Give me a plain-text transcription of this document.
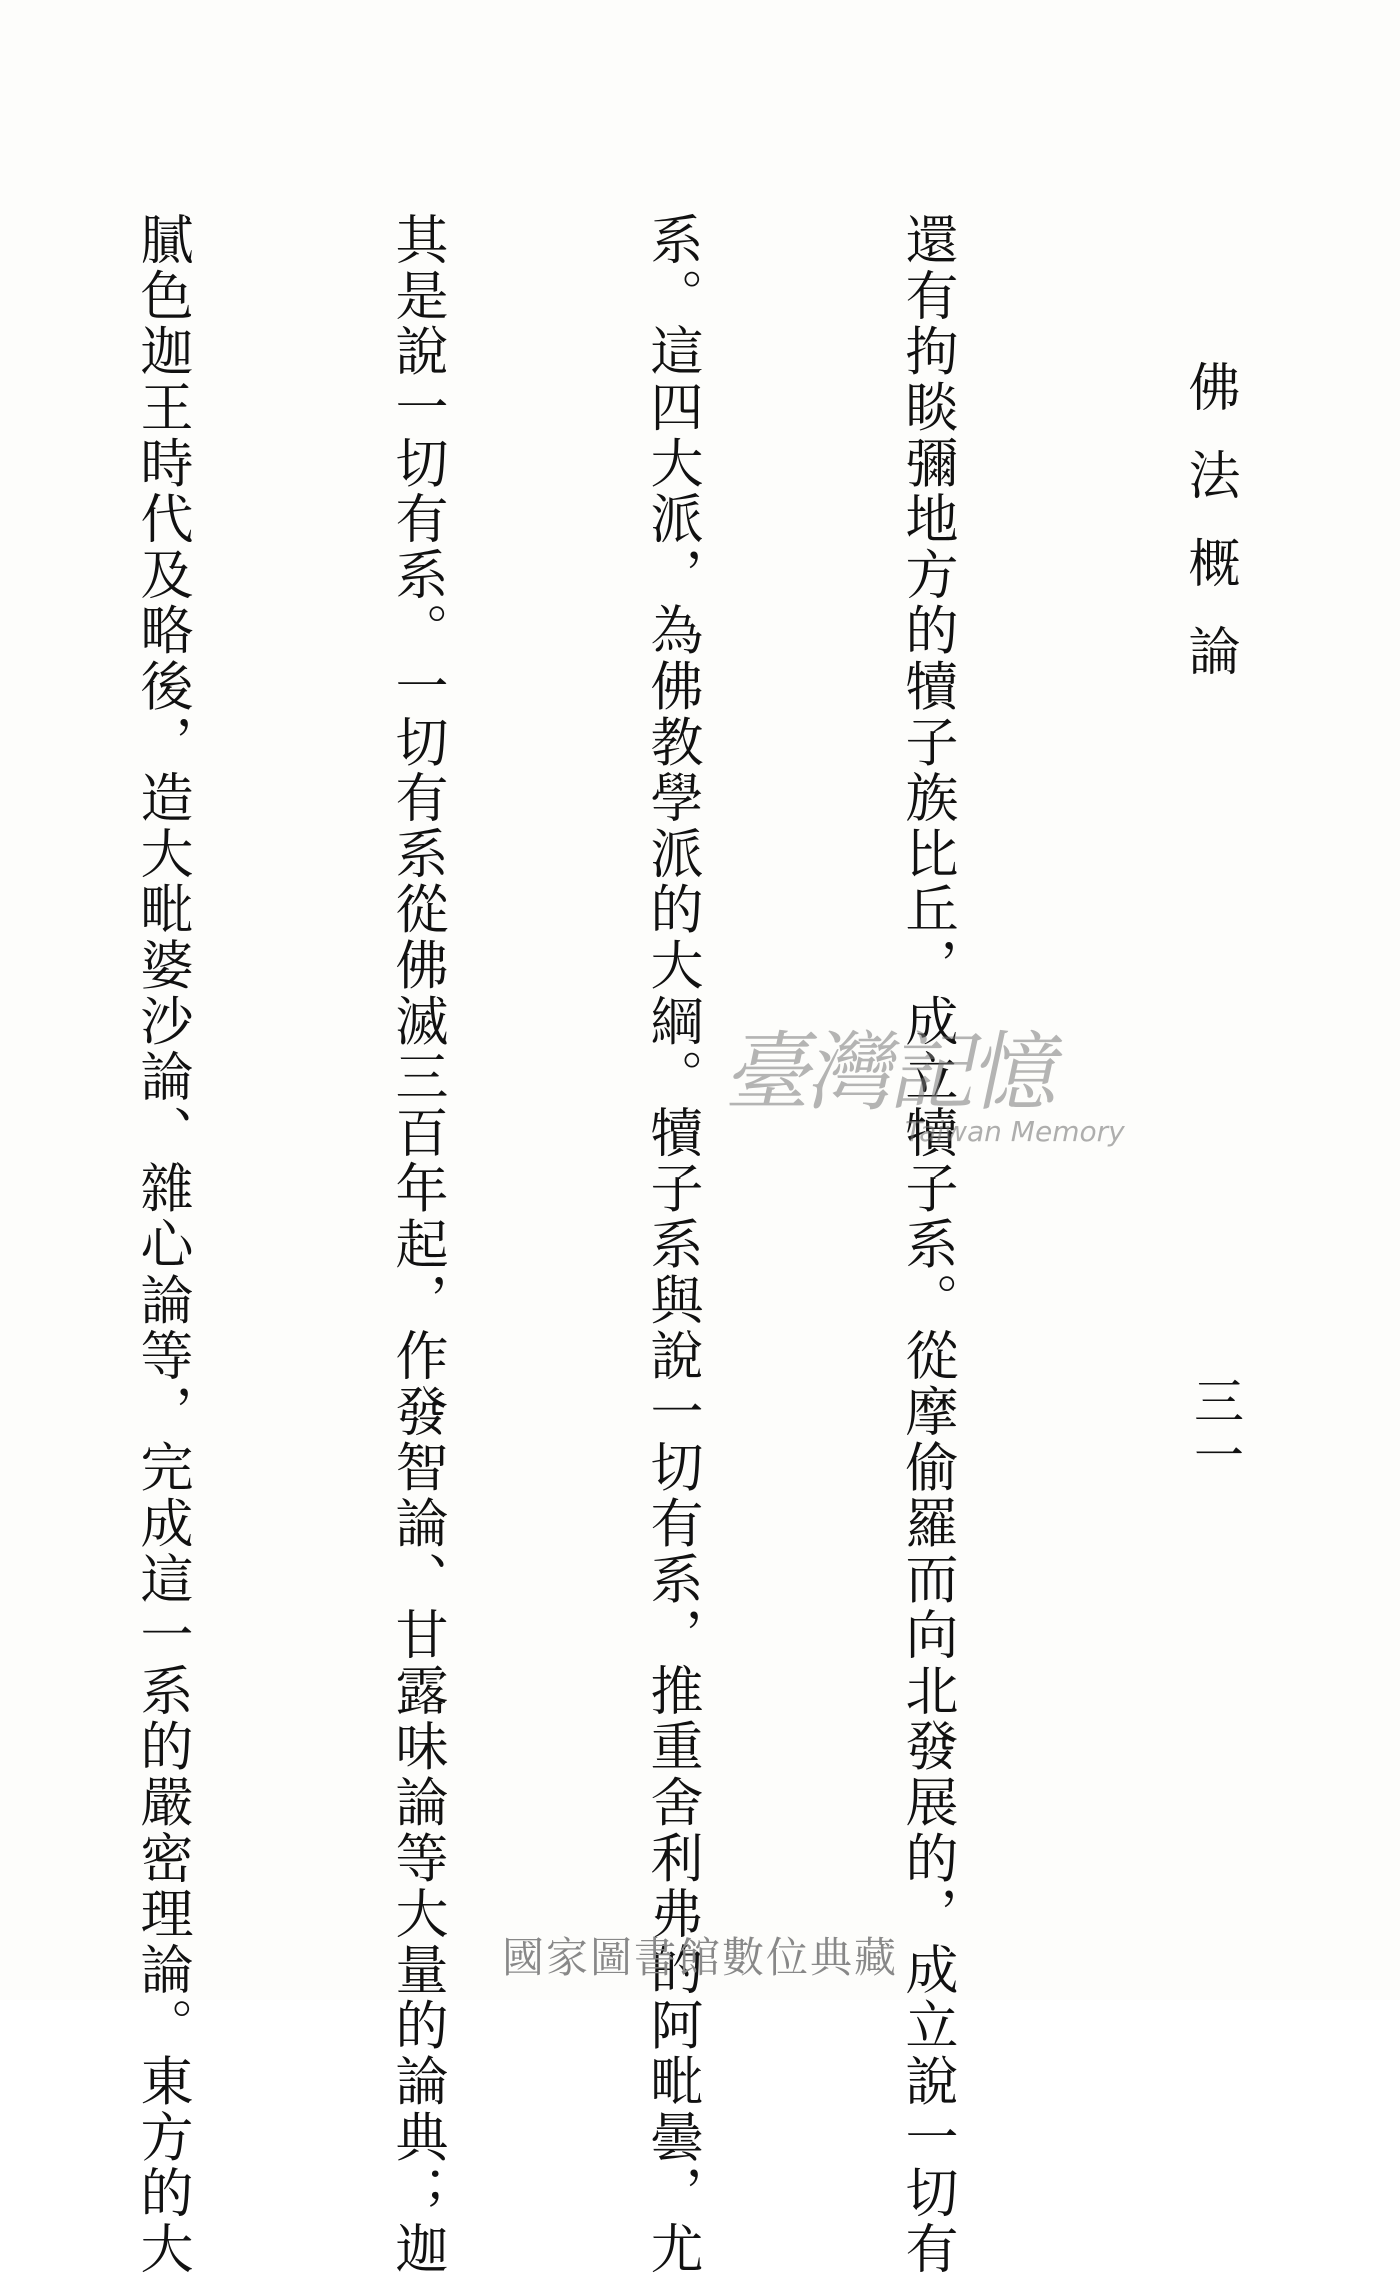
佛法概論
三一

還有拘睒彌地方的犢子族比丘，成立犢子系。從摩偷羅而向北發展的，成立說一切有

系。這四大派，為佛教學派的大綱。犢子系與說一切有系，推重舍利弗的阿毗曇，尤

其是說一切有系。一切有系從佛滅三百年起，作發智論、甘露味論等大量的論典；迦

膩色迦王時代及略後，造大毗婆沙論、雜心論等，完成這一系的嚴密理論。東方的大

	臺灣記憶
Taiwan Memory
國家圖書館數位典藏
